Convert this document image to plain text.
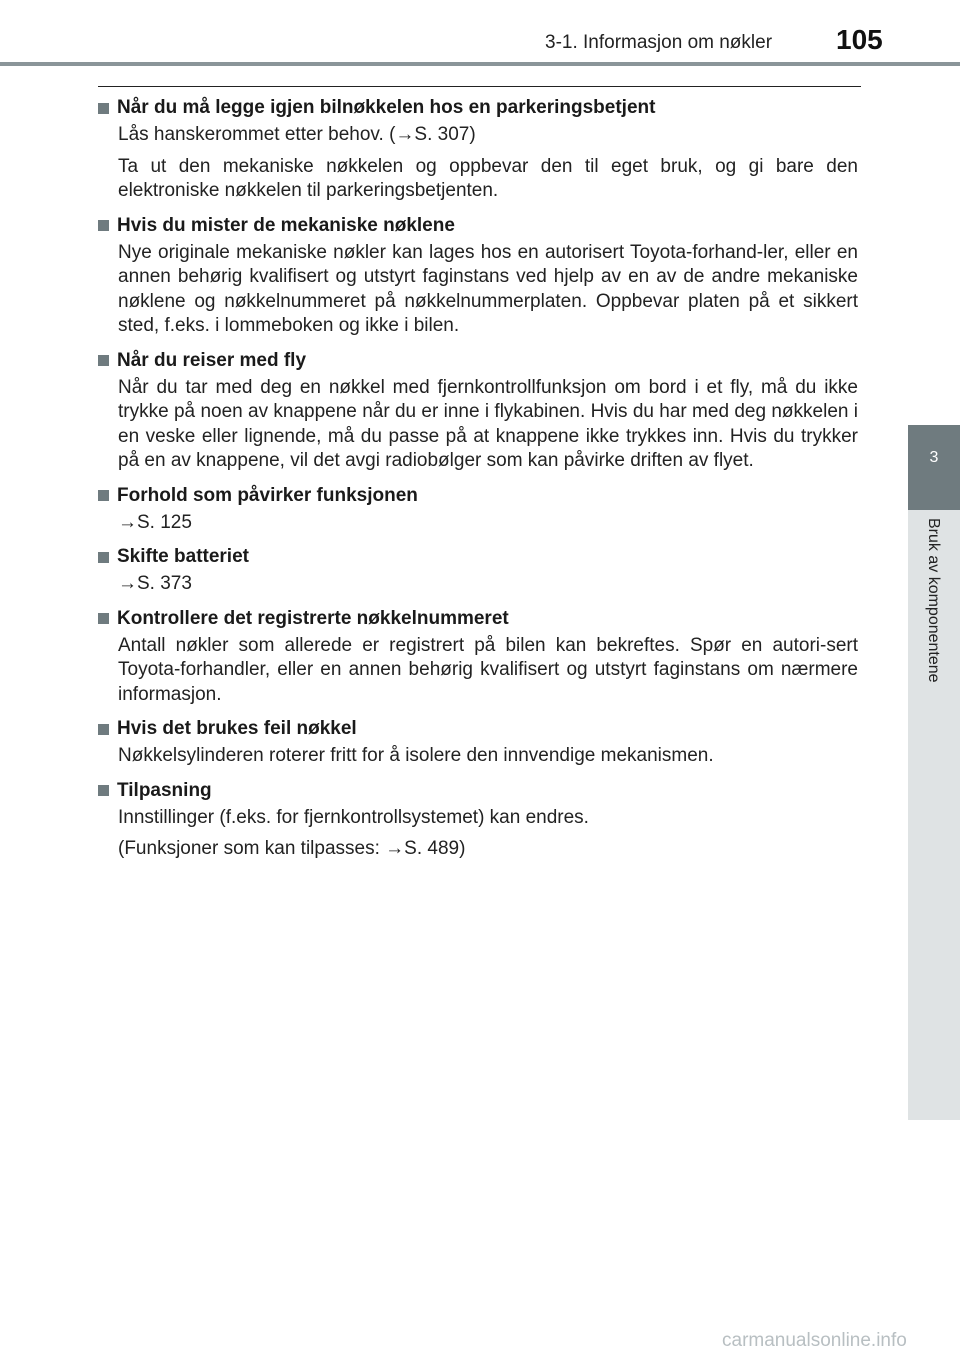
3-1. Informasjon om nøkler 105
3
Bruk av komponentene
Når du må legge igjen bilnøkkelen hos en parkeringsbetjent
Lås hanskerommet etter behov. (→S. 307)
Ta ut den mekaniske nøkkelen og oppbevar den til eget bruk, og gi bare den elektroniske nøkkelen til parkeringsbetjenten.
Hvis du mister de mekaniske nøklene
Nye originale mekaniske nøkler kan lages hos en autorisert Toyota-forhand-ler, eller en annen behørig kvalifisert og utstyrt faginstans ved hjelp av en av de andre mekaniske nøklene og nøkkelnummeret på nøkkelnummerplaten. Oppbevar platen på et sikkert sted, f.eks. i lommeboken og ikke i bilen.
Når du reiser med fly
Når du tar med deg en nøkkel med fjernkontrollfunksjon om bord i et fly, må du ikke trykke på noen av knappene når du er inne i flykabinen. Hvis du har med deg nøkkelen i en veske eller lignende, må du passe på at knappene ikke trykkes inn. Hvis du trykker på en av knappene, vil det avgi radiobølger som kan påvirke driften av flyet.
Forhold som påvirker funksjonen
→S. 125
Skifte batteriet
→S. 373
Kontrollere det registrerte nøkkelnummeret
Antall nøkler som allerede er registrert på bilen kan bekreftes. Spør en autori-sert Toyota-forhandler, eller en annen behørig kvalifisert og utstyrt faginstans om nærmere informasjon.
Hvis det brukes feil nøkkel
Nøkkelsylinderen roterer fritt for å isolere den innvendige mekanismen.
Tilpasning
Innstillinger (f.eks. for fjernkontrollsystemet) kan endres.
(Funksjoner som kan tilpasses: →S. 489)
carmanualsonline.info
